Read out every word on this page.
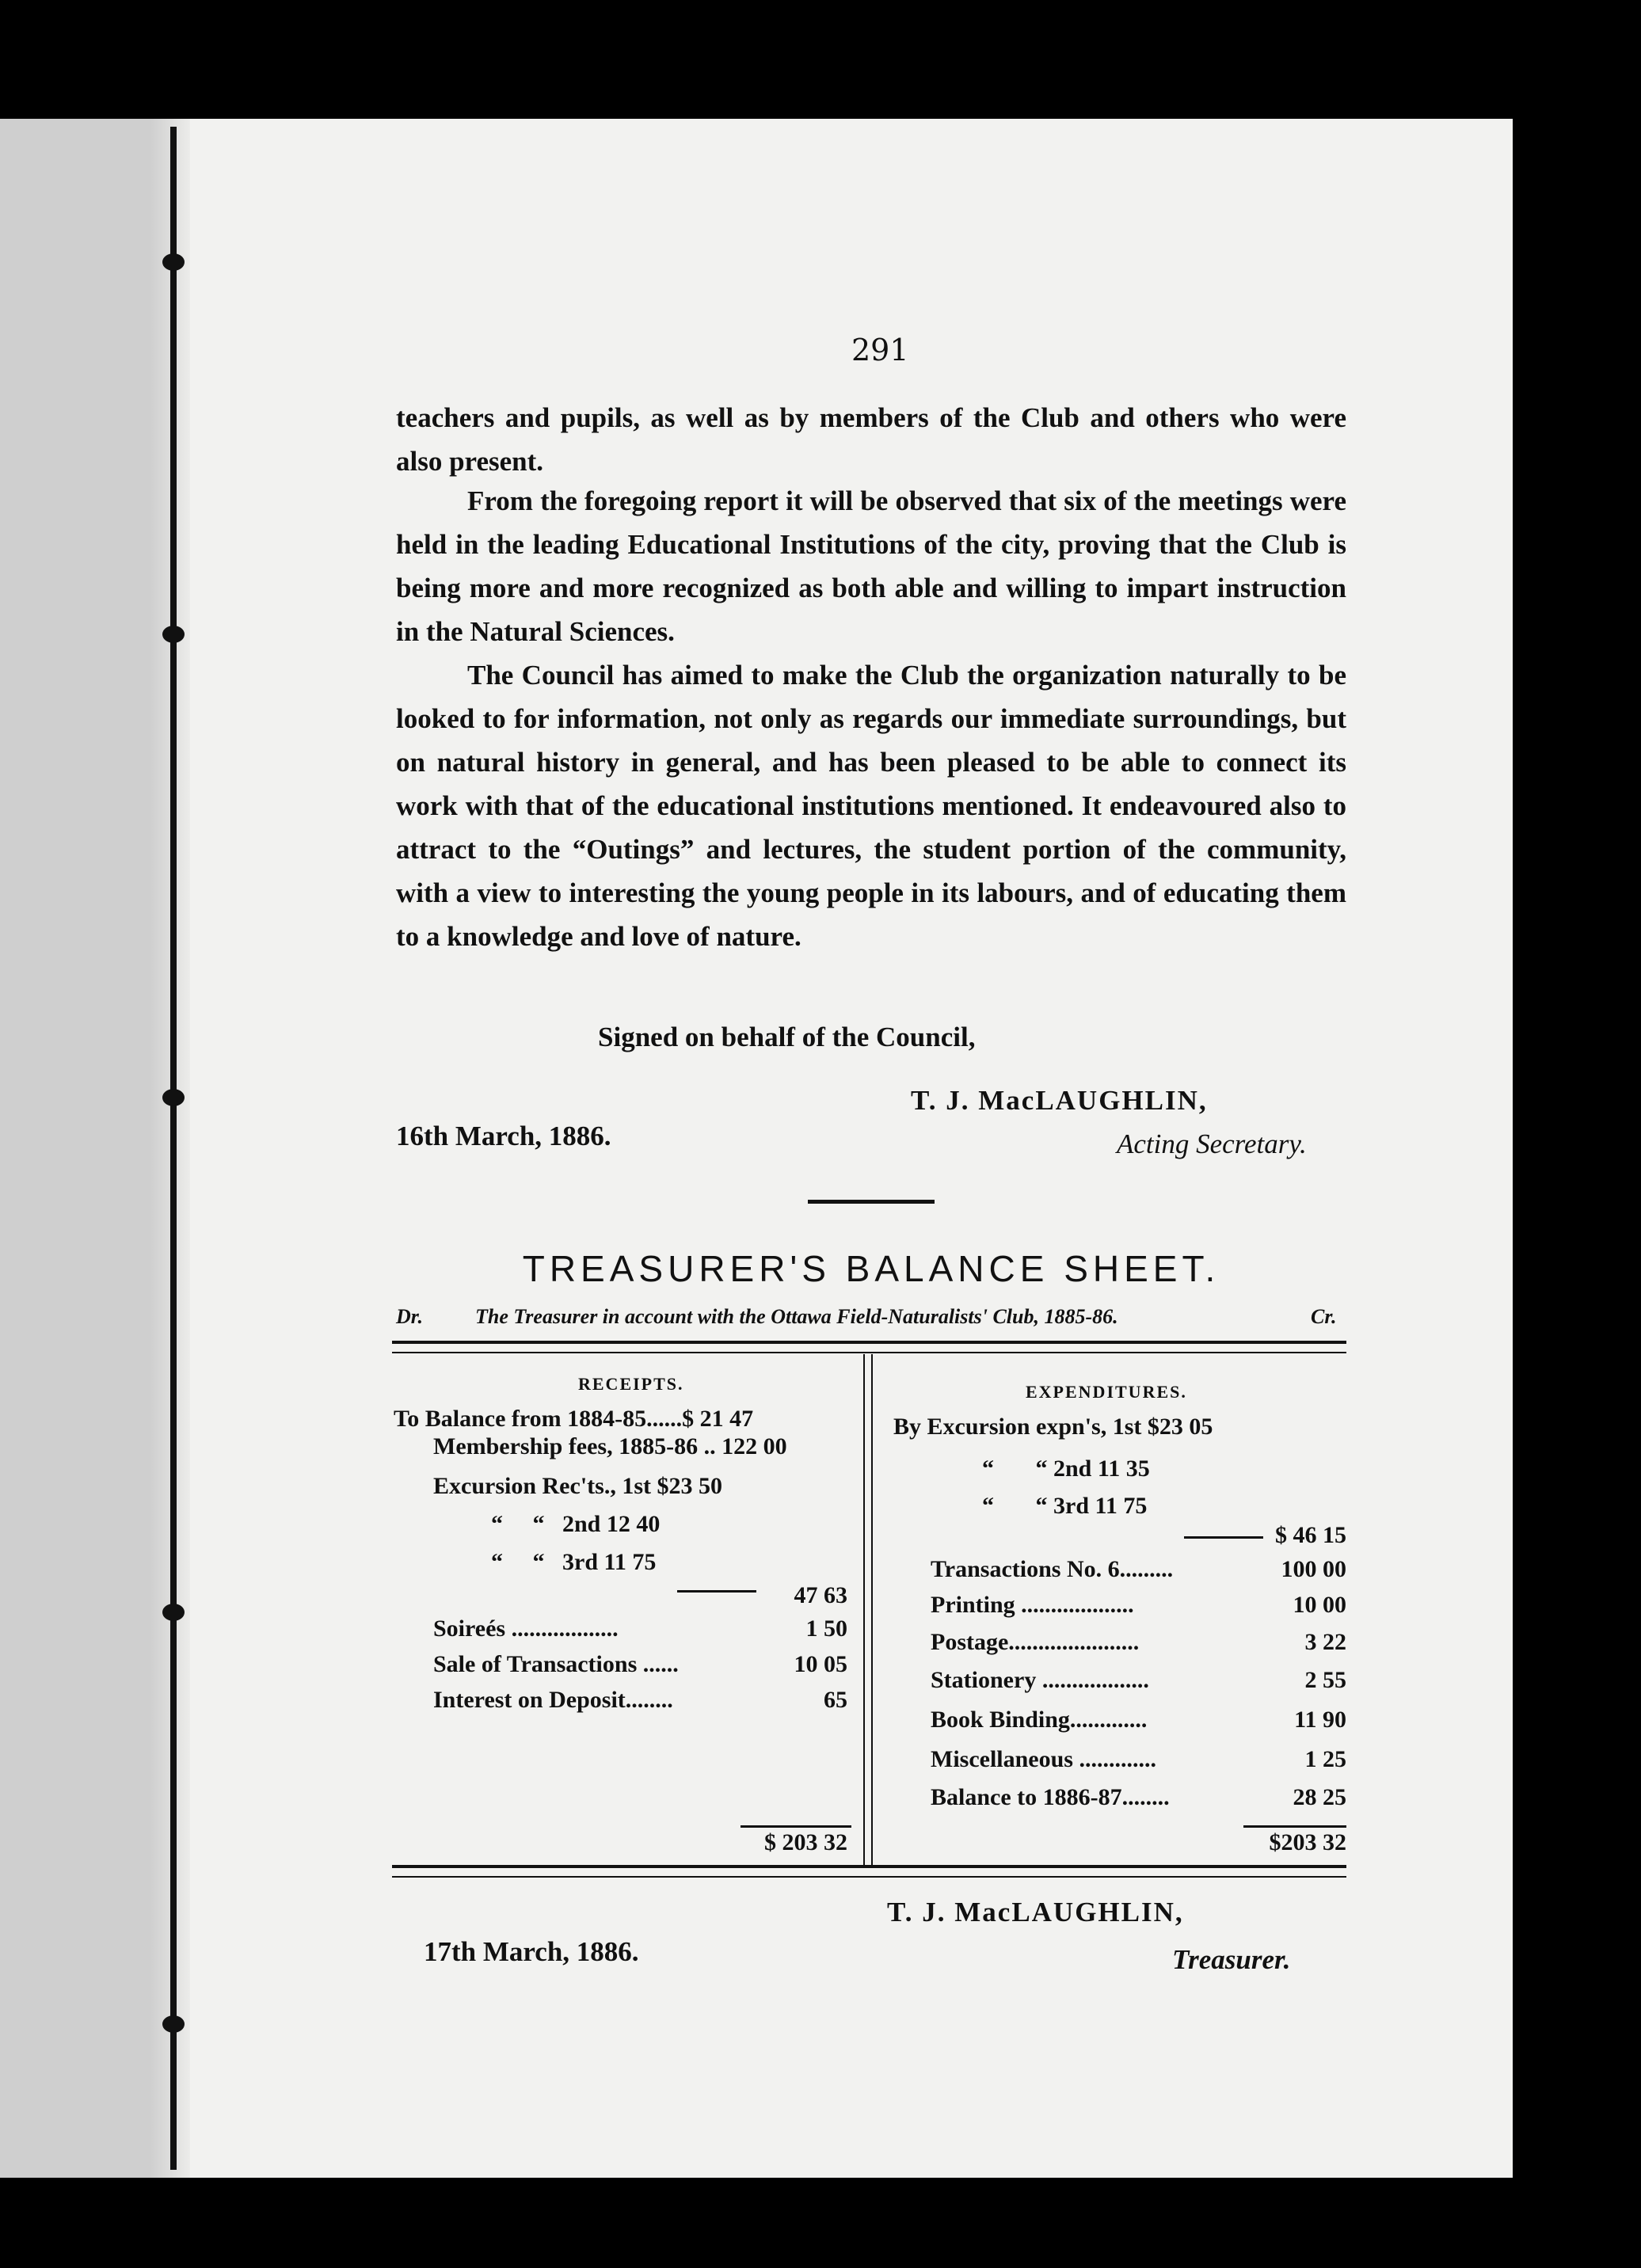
291

teachers and pupils, as well as by members of the Club and others who were also present.

From the foregoing report it will be observed that six of the meetings were held in the leading Educational Institutions of the city, proving that the Club is being more and more recognized as both able and willing to impart instruction in the Natural Sciences.

The Council has aimed to make the Club the organization naturally to be looked to for information, not only as regards our immediate surroundings, but on natural history in general, and has been pleased to be able to connect its work with that of the educational institutions mentioned. It endeavoured also to attract to the “Outings” and lectures, the student portion of the community, with a view to interesting the young people in its labours, and of educating them to a knowledge and love of nature.

Signed on behalf of the Council,
T. J. MacLAUGHLIN,
16th March, 1886.	Acting Secretary.
TREASURER'S BALANCE SHEET.
Dr.	The Treasurer in account with the Ottawa Field-Naturalists' Club, 1885-86.	Cr.
RECEIPTS.
To Balance from 1884-85......$ 21 47
Membership fees, 1885-86 .. 122 00
Excursion Rec'ts., 1st $23 50
“     “   2nd 12 40
“     “   3rd 11 75
47 63
Soireés ..................	1 50
Sale of Transactions ......	10 05
Interest on Deposit........	65
$ 203 32
EXPENDITURES.
By Excursion expn's, 1st $23 05
“       “ 2nd 11 35
“       “ 3rd 11 75
$ 46 15
Transactions No. 6.........	100 00
Printing ...................	10 00
Postage......................	3 22
Stationery ..................	2 55
Book Binding.............	11 90
Miscellaneous .............	1 25
Balance to 1886-87........	28 25
$203 32
T. J. MacLAUGHLIN,
17th March, 1886.	Treasurer.
